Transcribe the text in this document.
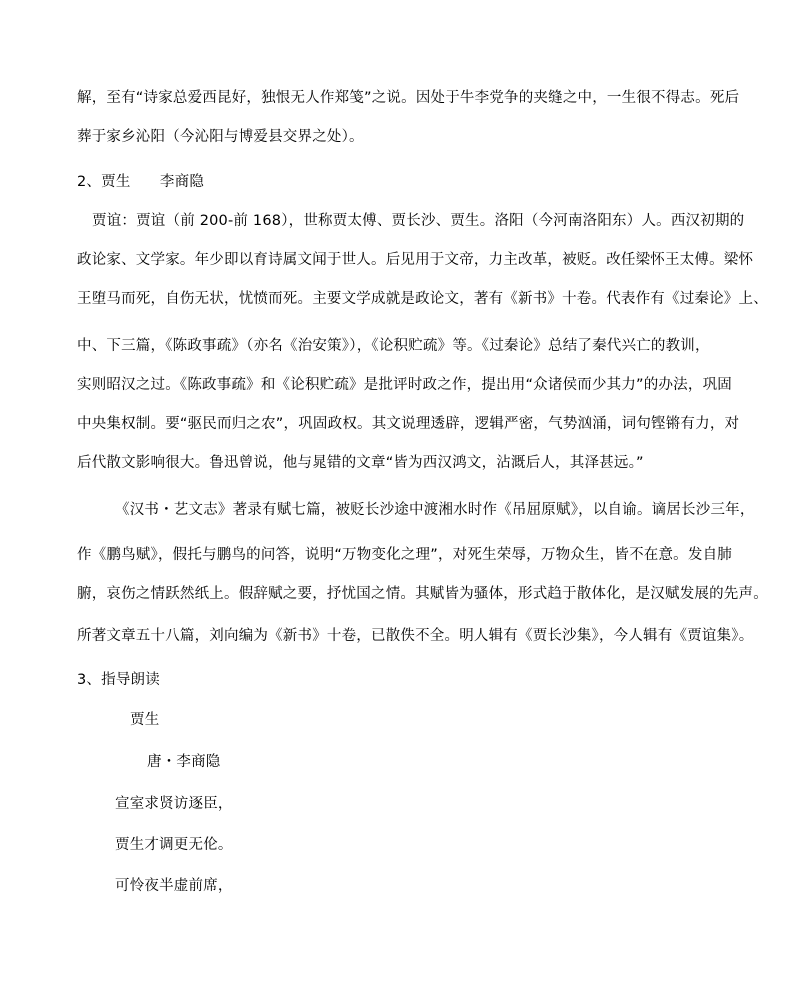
解，至有“诗家总爱西昆好，独恨无人作郑笺”之说。因处于牛李党争的夹缝之中，一生很不得志。死后
葬于家乡沁阳（今沁阳与博爱县交界之处）。
2、贾生　　李商隐
贾谊：贾谊（前 200-前 168），世称贾太傅、贾长沙、贾生。洛阳（今河南洛阳东）人。西汉初期的
政论家、文学家。年少即以育诗属文闻于世人。后见用于文帝，力主改革，被贬。改任梁怀王太傅。梁怀
王堕马而死，自伤无状，忧愤而死。主要文学成就是政论文，著有《新书》十卷。代表作有《过秦论》上、
中、下三篇，《陈政事疏》（亦名《治安策》），《论积贮疏》等。《过秦论》总结了秦代兴亡的教训，
实则昭汉之过。《陈政事疏》和《论积贮疏》是批评时政之作，提出用“众诸侯而少其力”的办法，巩固
中央集权制。要“驱民而归之农”，巩固政权。其文说理透辟，逻辑严密，气势汹涌，词句铿锵有力，对
后代散文影响很大。鲁迅曾说，他与晁错的文章“皆为西汉鸿文，沾溉后人，其泽甚远。”
《汉书・艺文志》著录有赋七篇，被贬长沙途中渡湘水时作《吊屈原赋》，以自谕。谪居长沙三年，
作《鹏鸟赋》，假托与鹏鸟的问答，说明“万物变化之理”，对死生荣辱，万物众生，皆不在意。发自肺
腑，哀伤之情跃然纸上。假辞赋之要，抒忧国之情。其赋皆为骚体，形式趋于散体化，是汉赋发展的先声。
所著文章五十八篇，刘向编为《新书》十卷，已散佚不全。明人辑有《贾长沙集》，今人辑有《贾谊集》。
3、指导朗读
贾生
唐・李商隐
宣室求贤访逐臣，
贾生才调更无伦。
可怜夜半虚前席，
